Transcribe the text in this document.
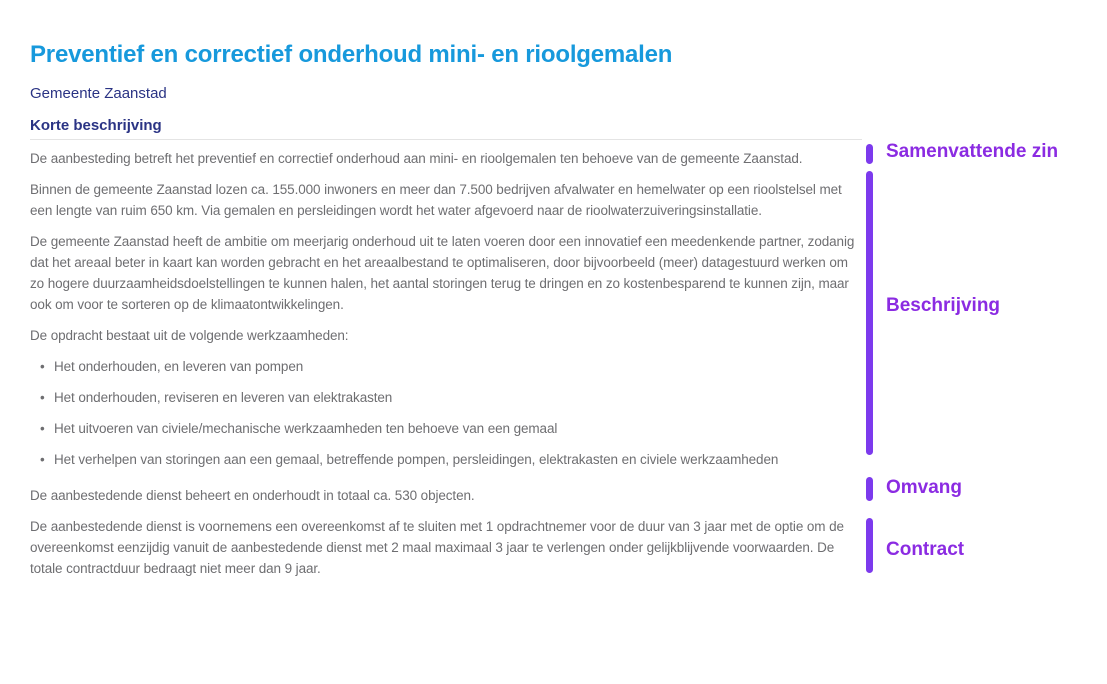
Preventief en correctief onderhoud mini- en rioolgemalen
Gemeente Zaanstad
Korte beschrijving

De aanbesteding betreft het preventief en correctief onderhoud aan mini- en rioolgemalen ten behoeve van de gemeente Zaanstad.

Binnen de gemeente Zaanstad lozen ca. 155.000 inwoners en meer dan 7.500 bedrijven afvalwater en hemelwater op een rioolstelsel met een lengte van ruim 650 km. Via gemalen en persleidingen wordt het water afgevoerd naar de rioolwaterzuiveringsinstallatie.

De gemeente Zaanstad heeft de ambitie om meerjarig onderhoud uit te laten voeren door een innovatief een meedenkende partner, zodanig dat het areaal beter in kaart kan worden gebracht en het areaalbestand te optimaliseren, door bijvoorbeeld (meer) datagestuurd werken om zo hogere duurzaamheidsdoelstellingen te kunnen halen, het aantal storingen terug te dringen en zo kostenbesparend te kunnen zijn, maar ook om voor te sorteren op de klimaatontwikkelingen.

De opdracht bestaat uit de volgende werkzaamheden:

• Het onderhouden, en leveren van pompen
• Het onderhouden, reviseren en leveren van elektrakasten
• Het uitvoeren van civiele/mechanische werkzaamheden ten behoeve van een gemaal
• Het verhelpen van storingen aan een gemaal, betreffende pompen, persleidingen, elektrakasten en civiele werkzaamheden

De aanbestedende dienst beheert en onderhoudt in totaal ca. 530 objecten.

De aanbestedende dienst is voornemens een overeenkomst af te sluiten met 1 opdrachtnemer voor de duur van 3 jaar met de optie om de overeenkomst eenzijdig vanuit de aanbestedende dienst met 2 maal maximaal 3 jaar te verlengen onder gelijkblijvende voorwaarden. De totale contractduur bedraagt niet meer dan 9 jaar.

Samenvattende zin
Beschrijving
Omvang
Contract
